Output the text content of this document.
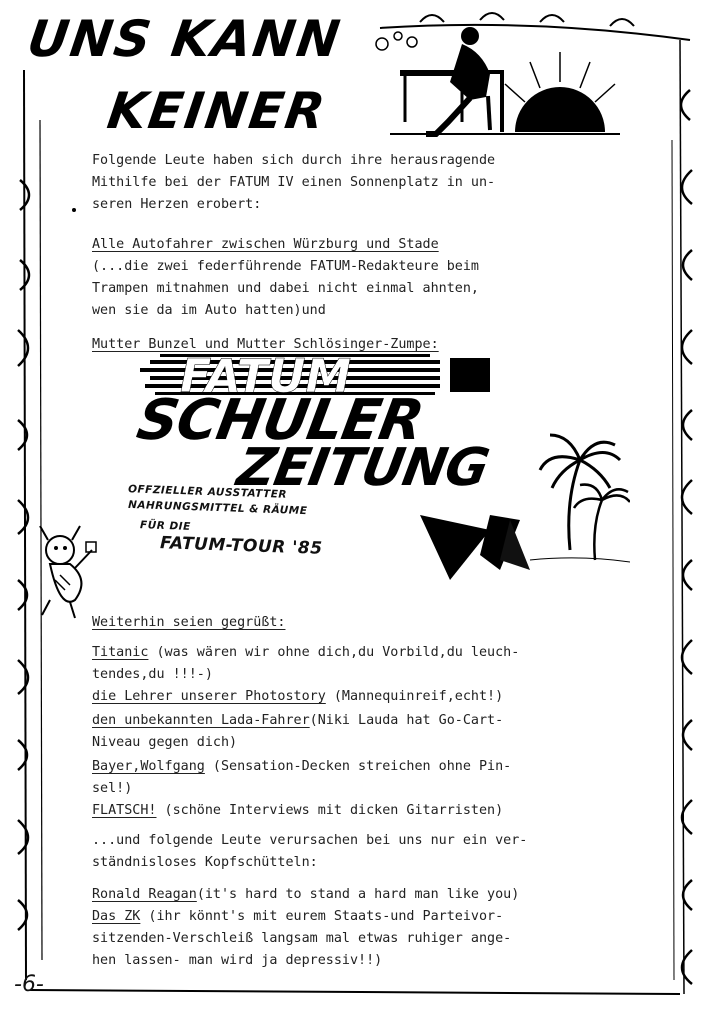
UNS KANN
KEINER
Folgende Leute haben sich durch ihre herausragende
Mithilfe bei der FATUM IV einen Sonnenplatz in un-
seren Herzen erobert:
Alle Autofahrer zwischen Würzburg und Stade
(...die zwei federführende FATUM-Redakteure beim
Trampen mitnahmen und dabei nicht einmal ahnten,
wen sie da im Auto hatten)und
Mutter Bunzel und Mutter Schlösinger-Zumpe:
FATUM
SCHULER
ZEITUNG
OFFZIELLER AUSSTATTER
NAHRUNGSMITTEL & RÄUME
FÜR DIE
FATUM-TOUR '85
Weiterhin seien gegrüßt:
Titanic (was wären wir ohne dich,du Vorbild,du leuch-
tendes,du !!!-)
die Lehrer unserer Photostory (Mannequinreif,echt!)
den unbekannten Lada-Fahrer(Niki Lauda hat Go-Cart-
Niveau gegen dich)
Bayer,Wolfgang (Sensation-Decken streichen ohne Pin-
sel!)
FLATSCH! (schöne Interviews mit dicken Gitarristen)
...und folgende Leute verursachen bei uns nur ein ver-
ständnisloses Kopfschütteln:
Ronald Reagan(it's hard to stand a hard man like you)
Das ZK (ihr könnt's mit eurem Staats-und Parteivor-
sitzenden-Verschleiß langsam mal etwas ruhiger ange-
hen lassen- man wird ja depressiv!!)
-6-
